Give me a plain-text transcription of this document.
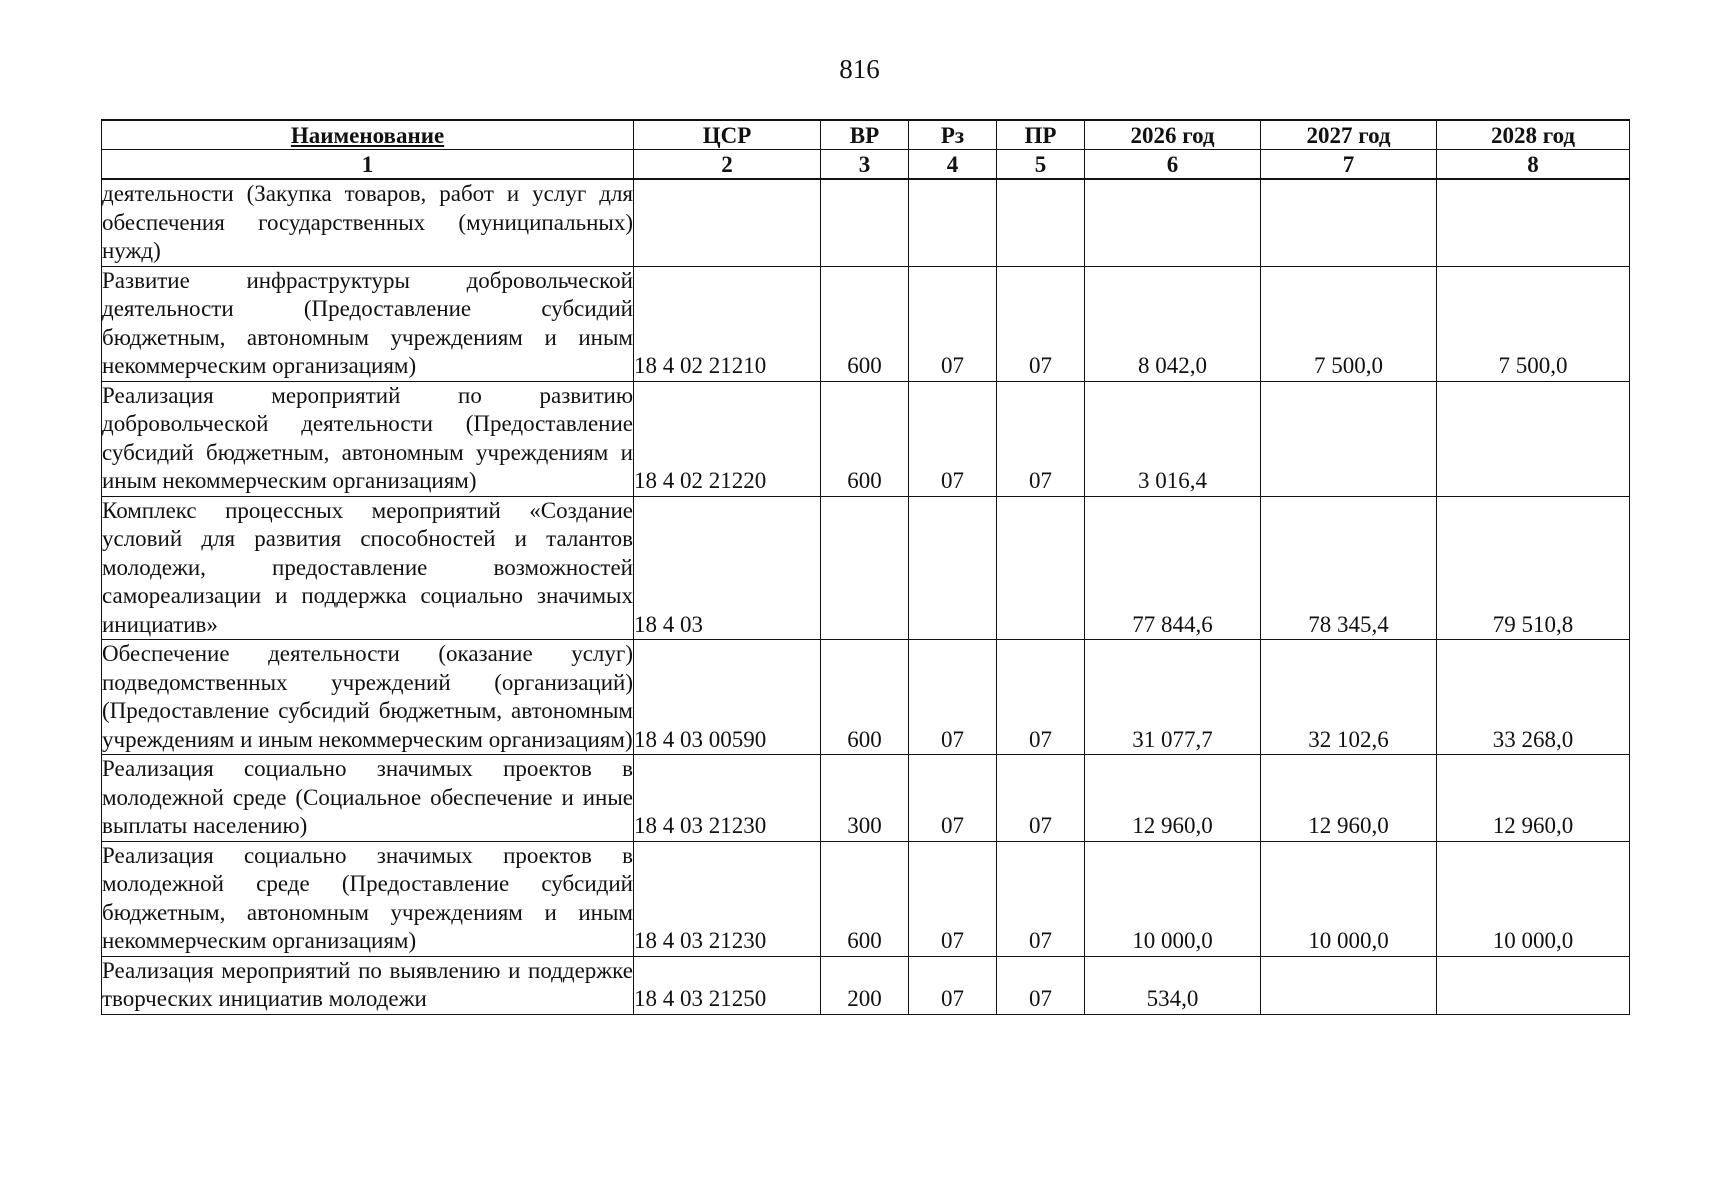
816
Наименование	ЦСР	ВР	Рз	ПР	2026 год	2027 год	2028 год
1	2	3	4	5	6	7	8
деятельности (Закупка товаров, работ и услуг для обеспечения государственных (муниципальных) нужд)							
Развитие инфраструктуры добровольческой деятельности (Предоставление субсидий бюджетным, автономным учреждениям и иным некоммерческим организациям)	18 4 02 21210	600	07	07	8 042,0	7 500,0	7 500,0
Реализация мероприятий по развитию добровольческой деятельности (Предоставление субсидий бюджетным, автономным учреждениям и иным некоммерческим организациям)	18 4 02 21220	600	07	07	3 016,4		
Комплекс процессных мероприятий «Создание условий для развития способностей и талантов молодежи, предоставление возможностей самореализации и поддержка социально значимых инициатив»	18 4 03				77 844,6	78 345,4	79 510,8
Обеспечение деятельности (оказание услуг) подведомственных учреждений (организаций) (Предоставление субсидий бюджетным, автономным учреждениям и иным некоммерческим организациям)	18 4 03 00590	600	07	07	31 077,7	32 102,6	33 268,0
Реализация социально значимых проектов в молодежной среде (Социальное обеспечение и иные выплаты населению)	18 4 03 21230	300	07	07	12 960,0	12 960,0	12 960,0
Реализация социально значимых проектов в молодежной среде (Предоставление субсидий бюджетным, автономным учреждениям и иным некоммерческим организациям)	18 4 03 21230	600	07	07	10 000,0	10 000,0	10 000,0
Реализация мероприятий по выявлению и поддержке творческих инициатив молодежи	18 4 03 21250	200	07	07	534,0		
